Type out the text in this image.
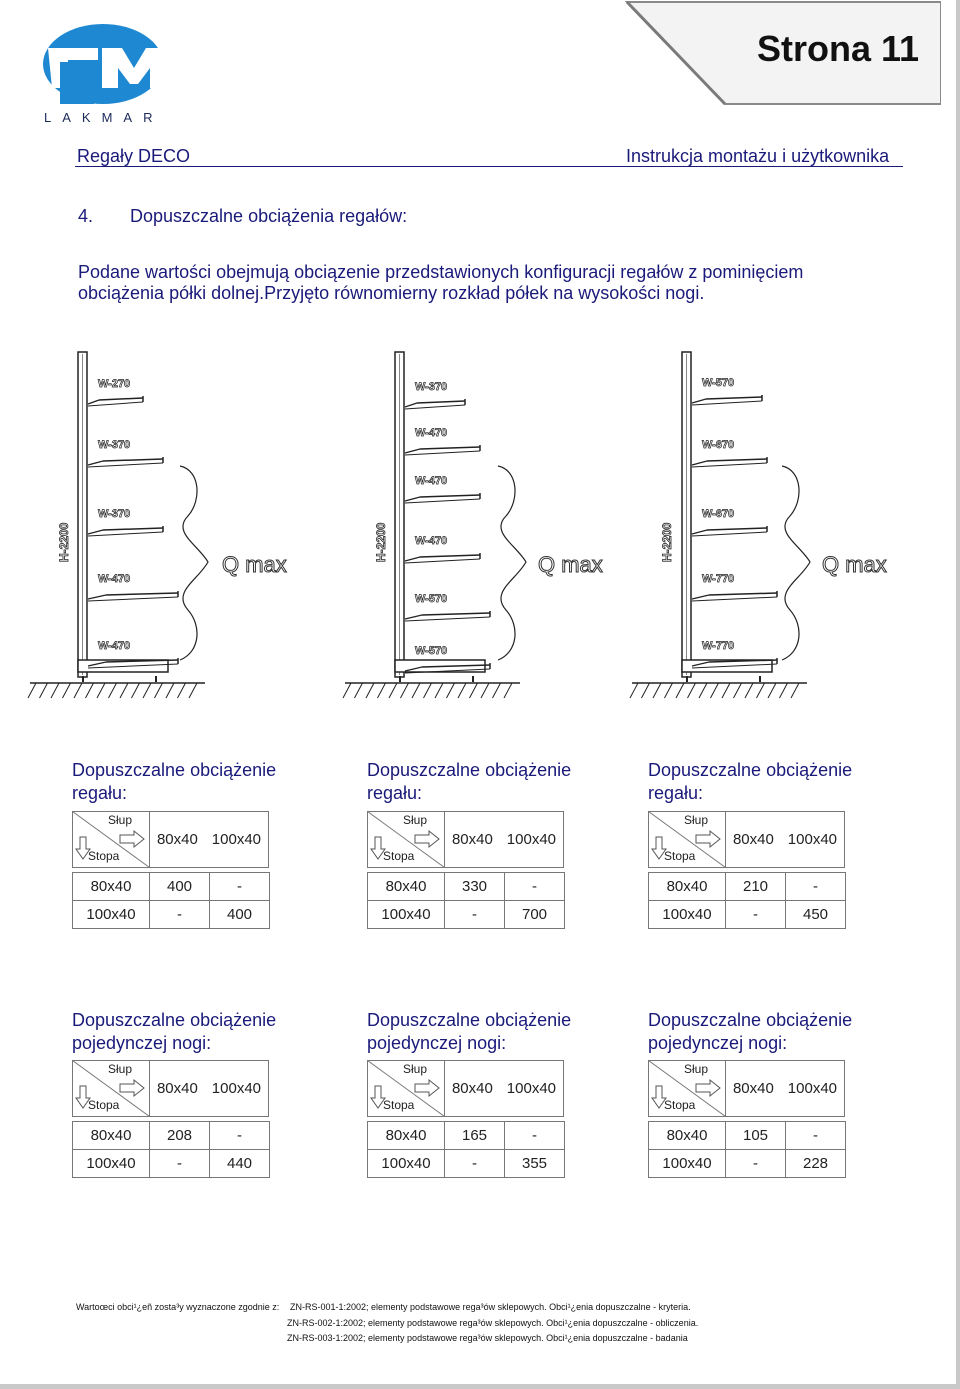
LAKMAR
Strona 11
Regały DECO	Instrukcja montażu i użytkownika
4. Dopuszczalne obciążenia regałów:
Podane wartości obejmują obciązenie przedstawionych konfiguracji regałów z pominięciem
obciążenia półki dolnej.Przyjęto równomierny rozkład półek na wysokości nogi.
H-2200
W-270
W-370
W-370
W-470
W-470
Q max
H-2200
W-370
W-470
W-470
W-470
W-570
W-570
Q max
H-2200
W-570
W-670
W-670
W-770
W-770
Q max
Dopuszczalne obciążenie
regału:
Dopuszczalne obciążenie
regału:
Dopuszczalne obciążenie
regału:
Słup
Stopa
80x40 100x40
80x40	400	-
100x40	-	400
Słup
Stopa
80x40 100x40
80x40	330	-
100x40	-	700
Słup
Stopa
80x40 100x40
80x40	210	-
100x40	-	450
Dopuszczalne obciążenie
pojedynczej nogi:
Dopuszczalne obciążenie
pojedynczej nogi:
Dopuszczalne obciążenie
pojedynczej nogi:
Słup
Stopa
80x40 100x40
80x40	208	-
100x40	-	440
Słup
Stopa
80x40 100x40
80x40	165	-
100x40	-	355
Słup
Stopa
80x40 100x40
80x40	105	-
100x40	-	228
Wartoœci obci¹¿eñ zosta³y wyznaczone zgodnie z: ZN-RS-001-1:2002; elementy podstawowe rega³ów sklepowych. Obci¹¿enia dopuszczalne - kryteria.
ZN-RS-002-1:2002; elementy podstawowe rega³ów sklepowych. Obci¹¿enia dopuszczalne - obliczenia.
ZN-RS-003-1:2002; elementy podstawowe rega³ów sklepowych. Obci¹¿enia dopuszczalne - badania
